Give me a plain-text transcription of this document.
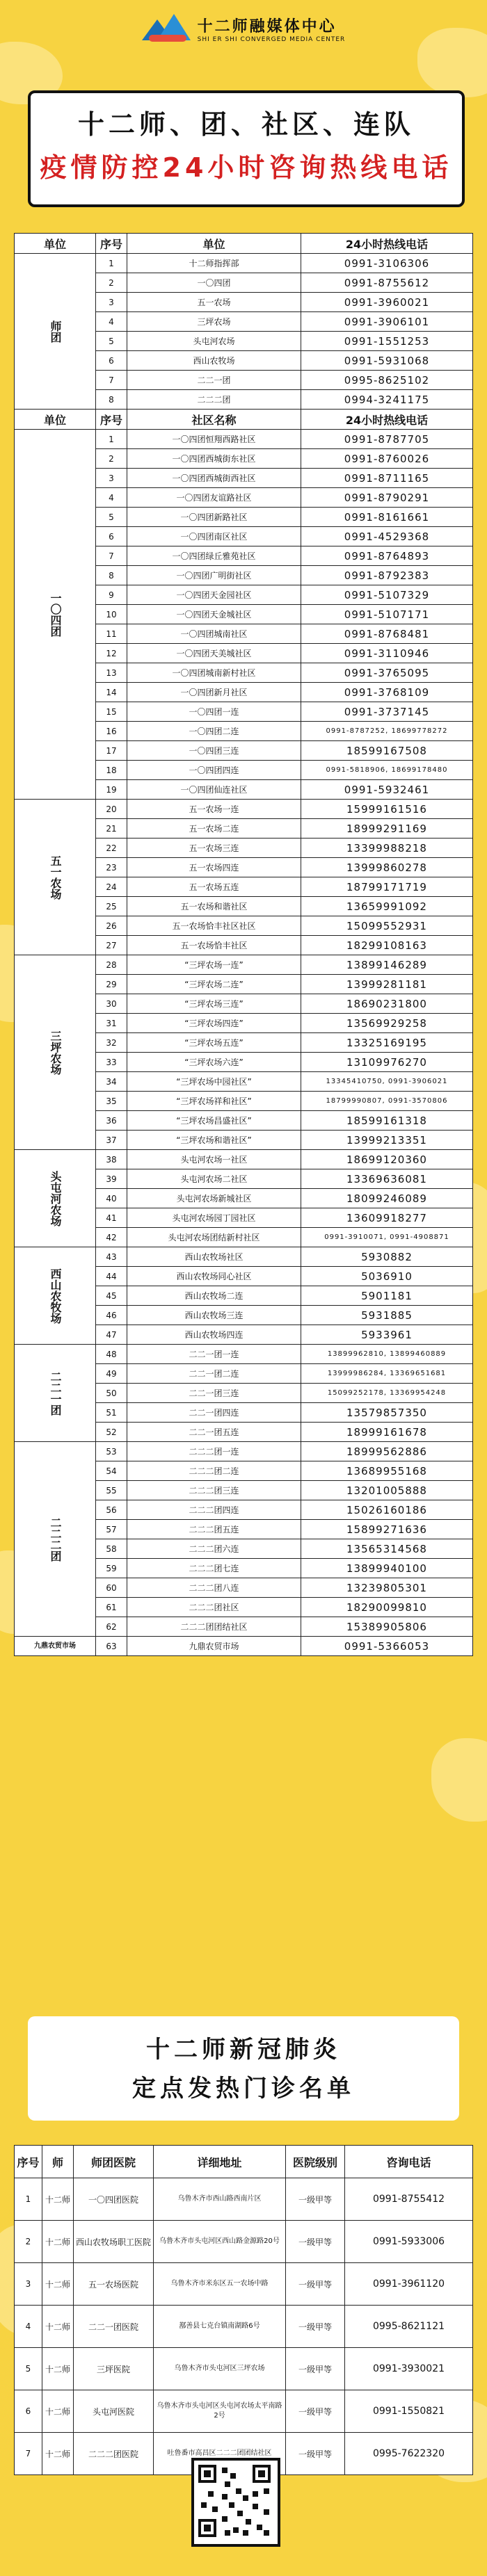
十二师融媒体中心
SHI ER SHI CONVERGED MEDIA CENTER
十二师、团、社区、连队
疫情防控24小时咨询热线电话
单位	序号	单位	24小时热线电话
师团	1	十二师指挥部	0991-3106306
	2	一〇四团	0991-8755612
	3	五一农场	0991-3960021
	4	三坪农场	0991-3906101
	5	头屯河农场	0991-1551253
	6	西山农牧场	0991-5931068
	7	二二一团	0995-8625102
	8	二二二团	0994-3241175
单位	序号	社区名称	24小时热线电话
一〇四团	1	一〇四团恒翔西路社区	0991-8787705
	2	一〇四团西城街东社区	0991-8760026
	3	一〇四团西城街西社区	0991-8711165
	4	一〇四团友谊路社区	0991-8790291
	5	一〇四团新路社区	0991-8161661
	6	一〇四团南区社区	0991-4529368
	7	一〇四团绿丘雅苑社区	0991-8764893
	8	一〇四团广明街社区	0991-8792383
	9	一〇四团天金园社区	0991-5107329
	10	一〇四团天金城社区	0991-5107171
	11	一〇四团城南社区	0991-8768481
	12	一〇四团天美城社区	0991-3110946
	13	一〇四团城南新村社区	0991-3765095
	14	一〇四团新月社区	0991-3768109
	15	一〇四团一连	0991-3737145
	16	一〇四团二连	0991-8787252, 18699778272
	17	一〇四团三连	18599167508
	18	一〇四团四连	0991-5818906, 18699178480
	19	一〇四团仙连社区	0991-5932461
五一农场	20	五一农场一连	15999161516
	21	五一农场二连	18999291169
	22	五一农场三连	13399988218
	23	五一农场四连	13999860278
	24	五一农场五连	18799171719
	25	五一农场和谐社区	13659991092
	26	五一农场恰丰社区社区	15099552931
	27	五一农场恰丰社区	18299108163
三坪农场	28	“三坪农场一连”	13899146289
	29	“三坪农场二连”	13999281181
	30	“三坪农场三连”	18690231800
	31	“三坪农场四连”	13569929258
	32	“三坪农场五连”	13325169195
	33	“三坪农场六连”	13109976270
	34	“三坪农场中园社区”	13345410750, 0991-3906021
	35	“三坪农场祥和社区”	18799990807, 0991-3570806
	36	“三坪农场昌盛社区”	18599161318
	37	“三坪农场和谐社区”	13999213351
头屯河农场	38	头屯河农场一社区	18699120360
	39	头屯河农场二社区	13369636081
	40	头屯河农场新城社区	18099246089
	41	头屯河农场园丁园社区	13609918277
	42	头屯河农场团结新村社区	0991-3910071, 0991-4908871
西山农牧场	43	西山农牧场社区	5930882
	44	西山农牧场同心社区	5036910
	45	西山农牧场二连	5901181
	46	西山农牧场三连	5931885
	47	西山农牧场四连	5933961
二二一团	48	二二一团一连	13899962810, 13899460889
	49	二二一团二连	13999986284, 13369651681
	50	二二一团三连	15099252178, 13369954248
	51	二二一团四连	13579857350
	52	二二一团五连	18999161678
二二二团	53	二二二团一连	18999562886
	54	二二二团二连	13689955168
	55	二二二团三连	13201005888
	56	二二二团四连	15026160186
	57	二二二团五连	15899271636
	58	二二二团六连	13565314568
	59	二二二团七连	13899940100
	60	二二二团八连	13239805301
	61	二二二团社区	18290099810
	62	二二二团团结社区	15389905806
九鼎农贸市场	63	九鼎农贸市场	0991-5366053
十二师新冠肺炎
定点发热门诊名单
序号	师	师团医院	详细地址	医院级别	咨询电话
1	十二师	一〇四团医院	乌鲁木齐市西山路西南片区	一级甲等	0991-8755412
2	十二师	西山农牧场职工医院	乌鲁木齐市头屯河区西山路金源路20号	一级甲等	0991-5933006
3	十二师	五一农场医院	乌鲁木齐市米东区五一农场中路	一级甲等	0991-3961120
4	十二师	二二一团医院	鄯善县七克台镇南湖路6号	一级甲等	0995-8621121
5	十二师	三坪医院	乌鲁木齐市头屯河区三坪农场	一级甲等	0991-3930021
6	十二师	头屯河医院	乌鲁木齐市头屯河区头屯河农场太平南路2号	一级甲等	0991-1550821
7	十二师	二二二团医院	吐鲁番市高昌区二二二团团结社区	一级甲等	0995-7622320
